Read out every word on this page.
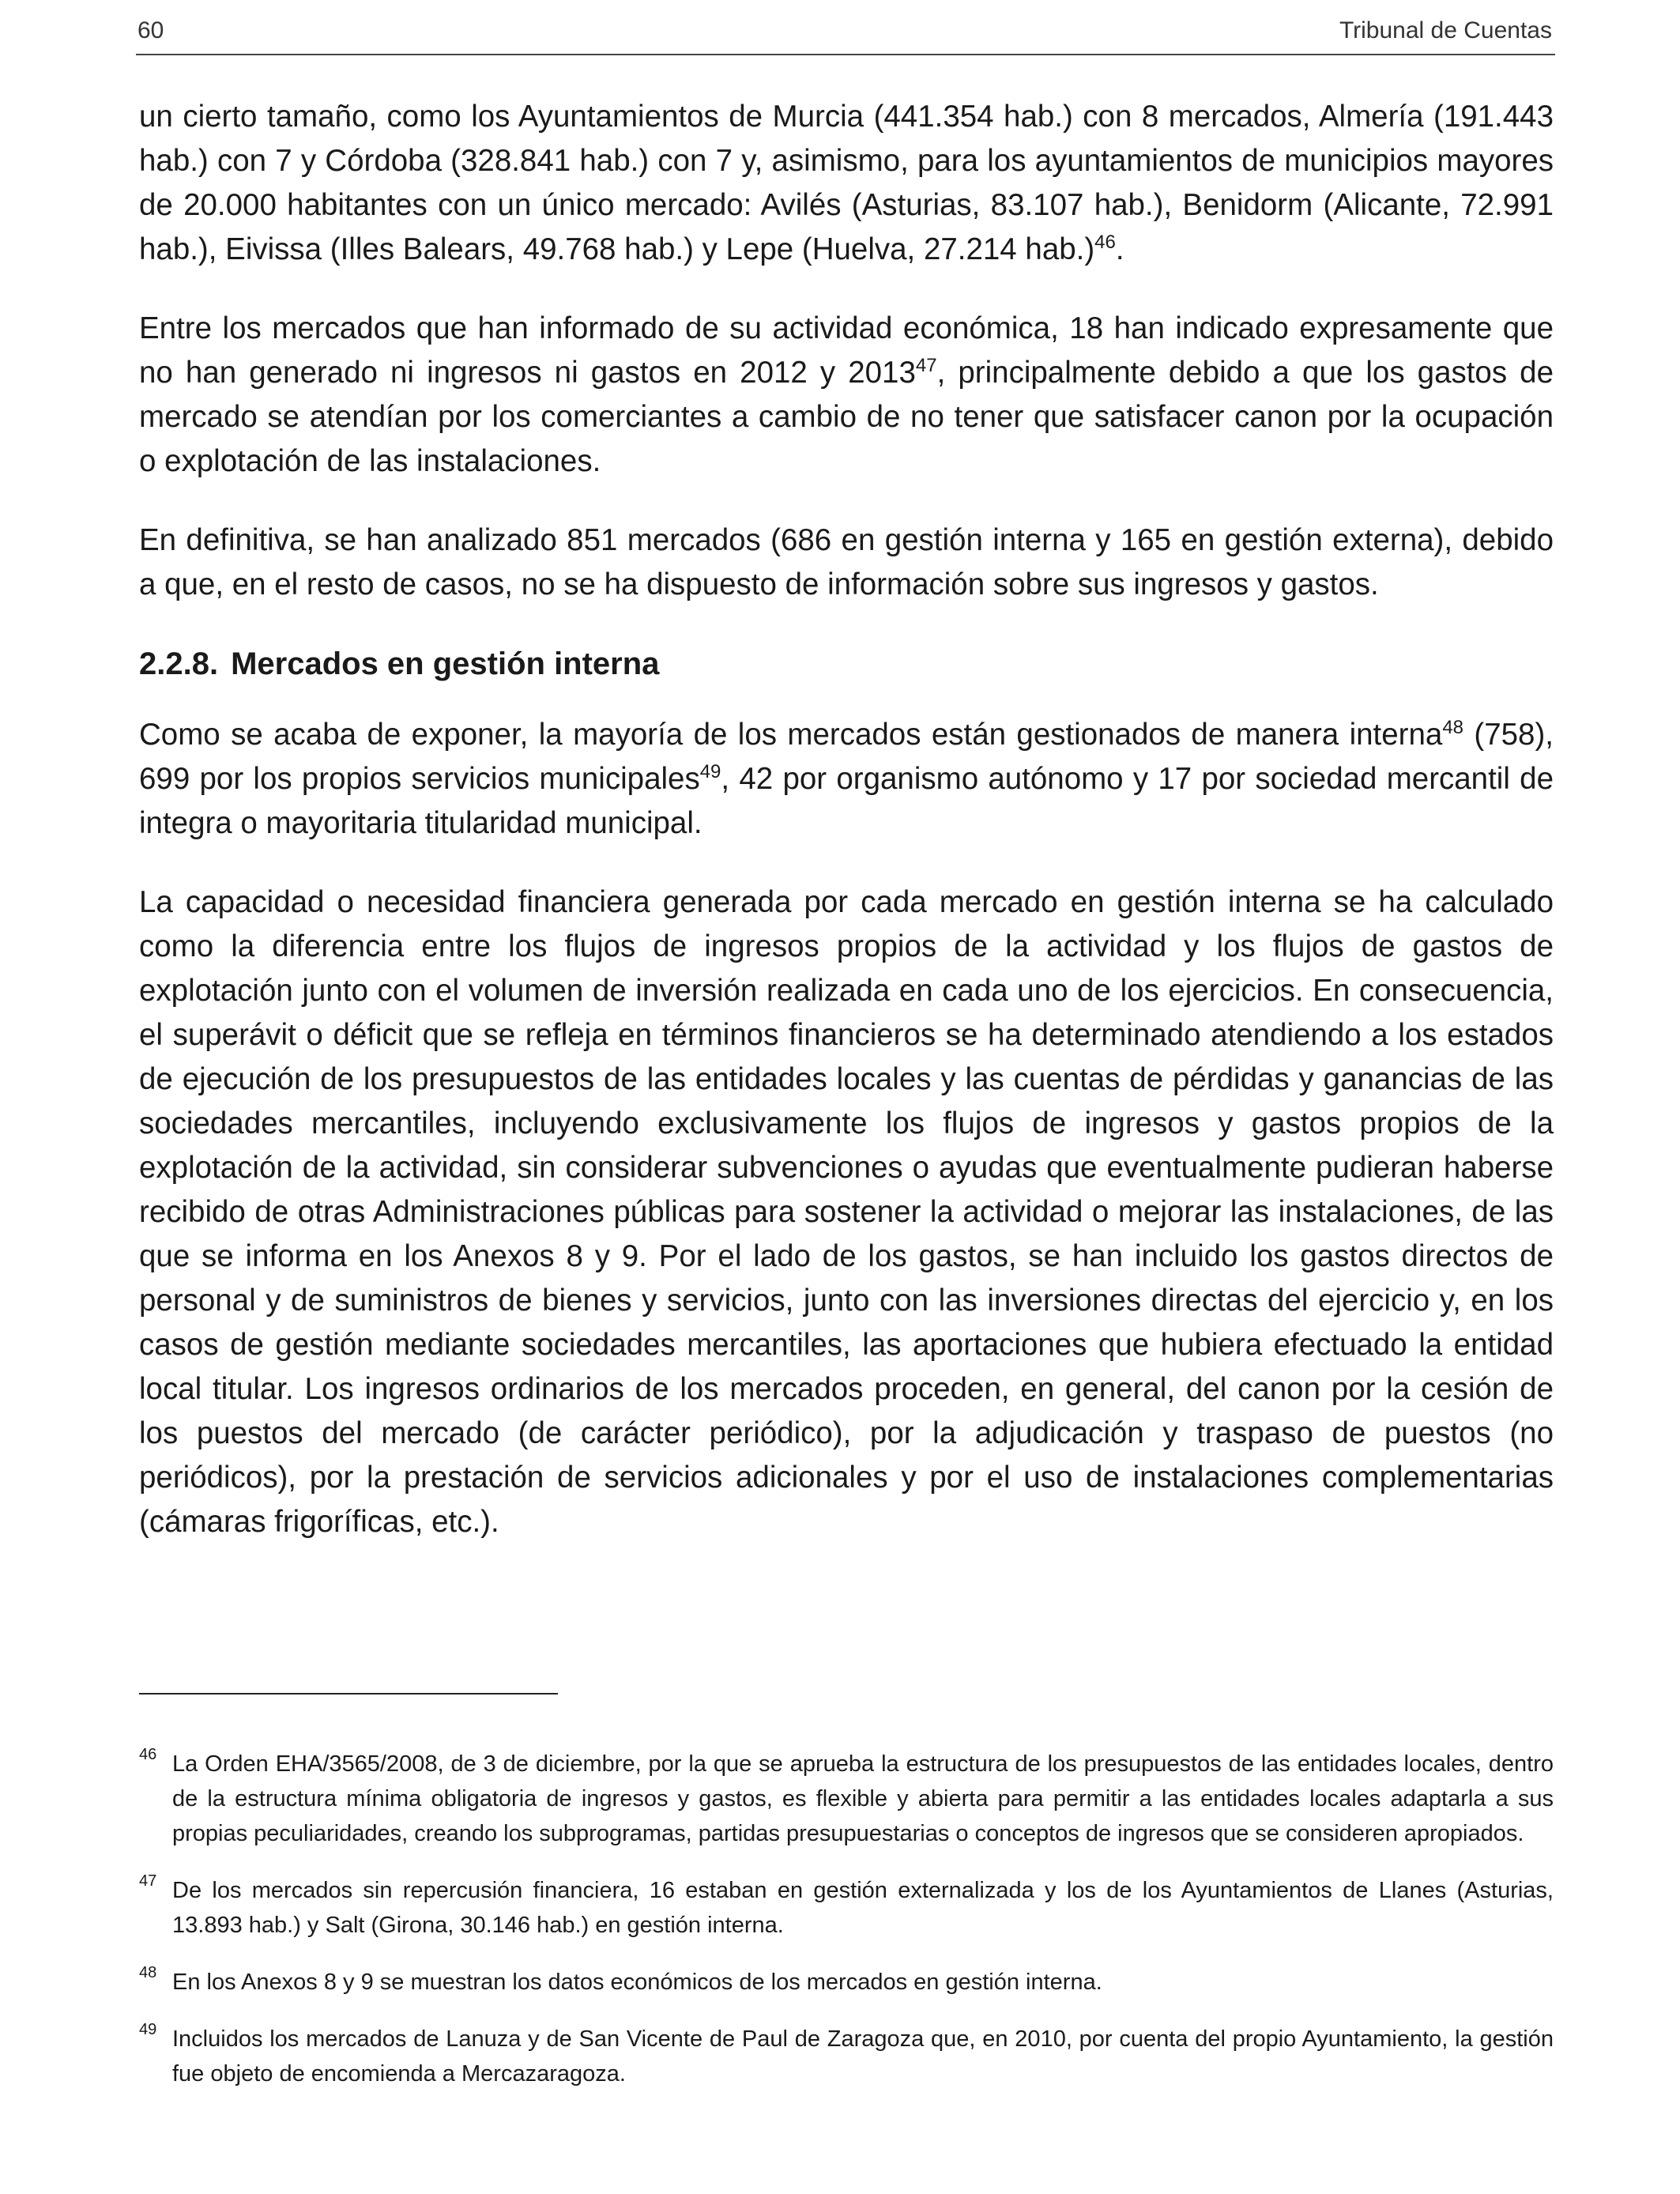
60	Tribunal de Cuentas

un cierto tamaño, como los Ayuntamientos de Murcia (441.354 hab.) con 8 mercados, Almería (191.443 hab.) con 7 y Córdoba (328.841 hab.) con 7 y, asimismo, para los ayuntamientos de municipios mayores de 20.000 habitantes con un único mercado: Avilés (Asturias, 83.107 hab.), Benidorm (Alicante, 72.991 hab.), Eivissa (Illes Balears, 49.768 hab.) y Lepe (Huelva, 27.214 hab.)$^{46}$.

Entre los mercados que han informado de su actividad económica, 18 han indicado expresamente que no han generado ni ingresos ni gastos en 2012 y 2013$^{47}$, principalmente debido a que los gastos de mercado se atendían por los comerciantes a cambio de no tener que satisfacer canon por la ocupación o explotación de las instalaciones.

En definitiva, se han analizado 851 mercados (686 en gestión interna y 165 en gestión externa), debido a que, en el resto de casos, no se ha dispuesto de información sobre sus ingresos y gastos.

2.2.8. Mercados en gestión interna

Como se acaba de exponer, la mayoría de los mercados están gestionados de manera interna$^{48}$ (758), 699 por los propios servicios municipales$^{49}$, 42 por organismo autónomo y 17 por sociedad mercantil de integra o mayoritaria titularidad municipal.

La capacidad o necesidad financiera generada por cada mercado en gestión interna se ha calculado como la diferencia entre los flujos de ingresos propios de la actividad y los flujos de gastos de explotación junto con el volumen de inversión realizada en cada uno de los ejercicios. En consecuencia, el superávit o déficit que se refleja en términos financieros se ha determinado atendiendo a los estados de ejecución de los presupuestos de las entidades locales y las cuentas de pérdidas y ganancias de las sociedades mercantiles, incluyendo exclusivamente los flujos de ingresos y gastos propios de la explotación de la actividad, sin considerar subvenciones o ayudas que eventualmente pudieran haberse recibido de otras Administraciones públicas para sostener la actividad o mejorar las instalaciones, de las que se informa en los Anexos 8 y 9. Por el lado de los gastos, se han incluido los gastos directos de personal y de suministros de bienes y servicios, junto con las inversiones directas del ejercicio y, en los casos de gestión mediante sociedades mercantiles, las aportaciones que hubiera efectuado la entidad local titular. Los ingresos ordinarios de los mercados proceden, en general, del canon por la cesión de los puestos del mercado (de carácter periódico), por la adjudicación y traspaso de puestos (no periódicos), por la prestación de servicios adicionales y por el uso de instalaciones complementarias (cámaras frigoríficas, etc.).

46 La Orden EHA/3565/2008, de 3 de diciembre, por la que se aprueba la estructura de los presupuestos de las entidades locales, dentro de la estructura mínima obligatoria de ingresos y gastos, es flexible y abierta para permitir a las entidades locales adaptarla a sus propias peculiaridades, creando los subprogramas, partidas presupuestarias o conceptos de ingresos que se consideren apropiados.
47 De los mercados sin repercusión financiera, 16 estaban en gestión externalizada y los de los Ayuntamientos de Llanes (Asturias, 13.893 hab.) y Salt (Girona, 30.146 hab.) en gestión interna.
48 En los Anexos 8 y 9 se muestran los datos económicos de los mercados en gestión interna.
49 Incluidos los mercados de Lanuza y de San Vicente de Paul de Zaragoza que, en 2010, por cuenta del propio Ayuntamiento, la gestión fue objeto de encomienda a Mercazaragoza.
